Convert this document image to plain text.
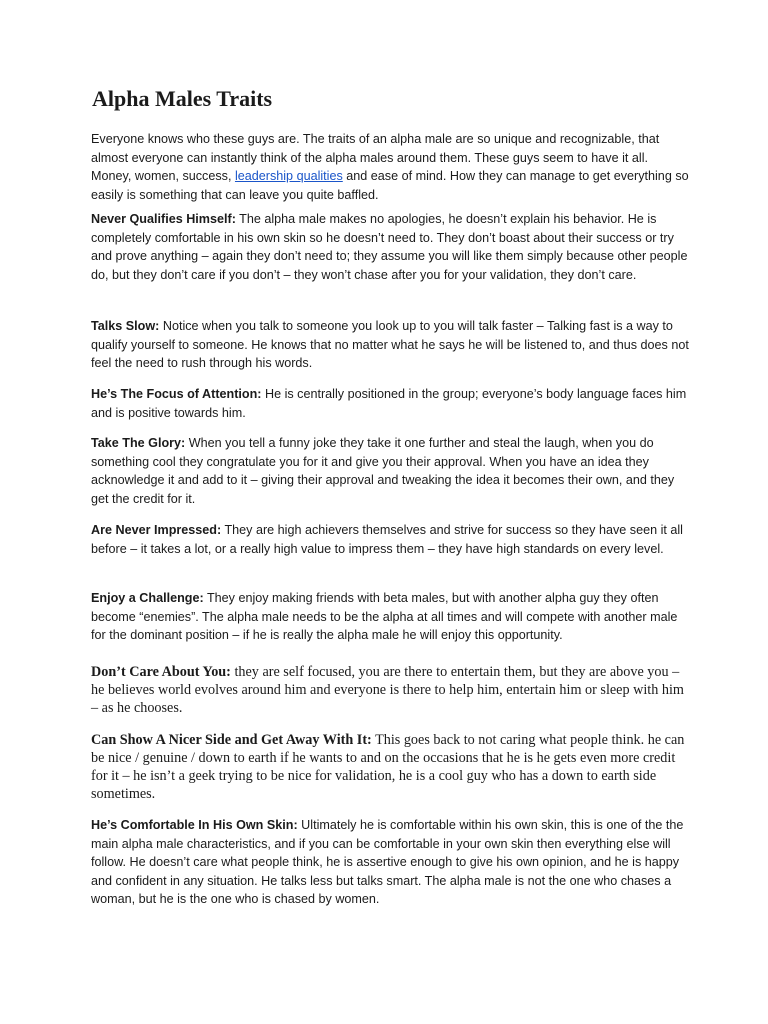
Alpha Males Traits

Everyone knows who these guys are. The traits of an alpha male are so unique and recognizable, that almost everyone can instantly think of the alpha males around them. These guys seem to have it all. Money, women, success, leadership qualities and ease of mind. How they can manage to get everything so easily is something that can leave you quite baffled.

Never Qualifies Himself: The alpha male makes no apologies, he doesn’t explain his behavior. He is completely comfortable in his own skin so he doesn’t need to. They don’t boast about their success or try and prove anything – again they don’t need to; they assume you will like them simply because other people do, but they don’t care if you don’t – they won’t chase after you for your validation, they don’t care.

Talks Slow: Notice when you talk to someone you look up to you will talk faster – Talking fast is a way to qualify yourself to someone. He knows that no matter what he says he will be listened to, and thus does not feel the need to rush through his words.

He’s The Focus of Attention: He is centrally positioned in the group; everyone’s body language faces him and is positive towards him.

Take The Glory: When you tell a funny joke they take it one further and steal the laugh, when you do something cool they congratulate you for it and give you their approval. When you have an idea they acknowledge it and add to it – giving their approval and tweaking the idea it becomes their own, and they get the credit for it.

Are Never Impressed: They are high achievers themselves and strive for success so they have seen it all before – it takes a lot, or a really high value to impress them – they have high standards on every level.

Enjoy a Challenge: They enjoy making friends with beta males, but with another alpha guy they often become “enemies”. The alpha male needs to be the alpha at all times and will compete with another male for the dominant position – if he is really the alpha male he will enjoy this opportunity.

Don’t Care About You: they are self focused, you are there to entertain them, but they are above you – he believes world evolves around him and everyone is there to help him, entertain him or sleep with him – as he chooses.

Can Show A Nicer Side and Get Away With It: This goes back to not caring what people think. he can be nice / genuine / down to earth if he wants to and on the occasions that he is he gets even more credit for it – he isn’t a geek trying to be nice for validation, he is a cool guy who has a down to earth side sometimes.

He’s Comfortable In His Own Skin: Ultimately he is comfortable within his own skin, this is one of the the main alpha male characteristics, and if you can be comfortable in your own skin then everything else will follow. He doesn’t care what people think, he is assertive enough to give his own opinion, and he is happy and confident in any situation. He talks less but talks smart. The alpha male is not the one who chases a woman, but he is the one who is chased by women.
